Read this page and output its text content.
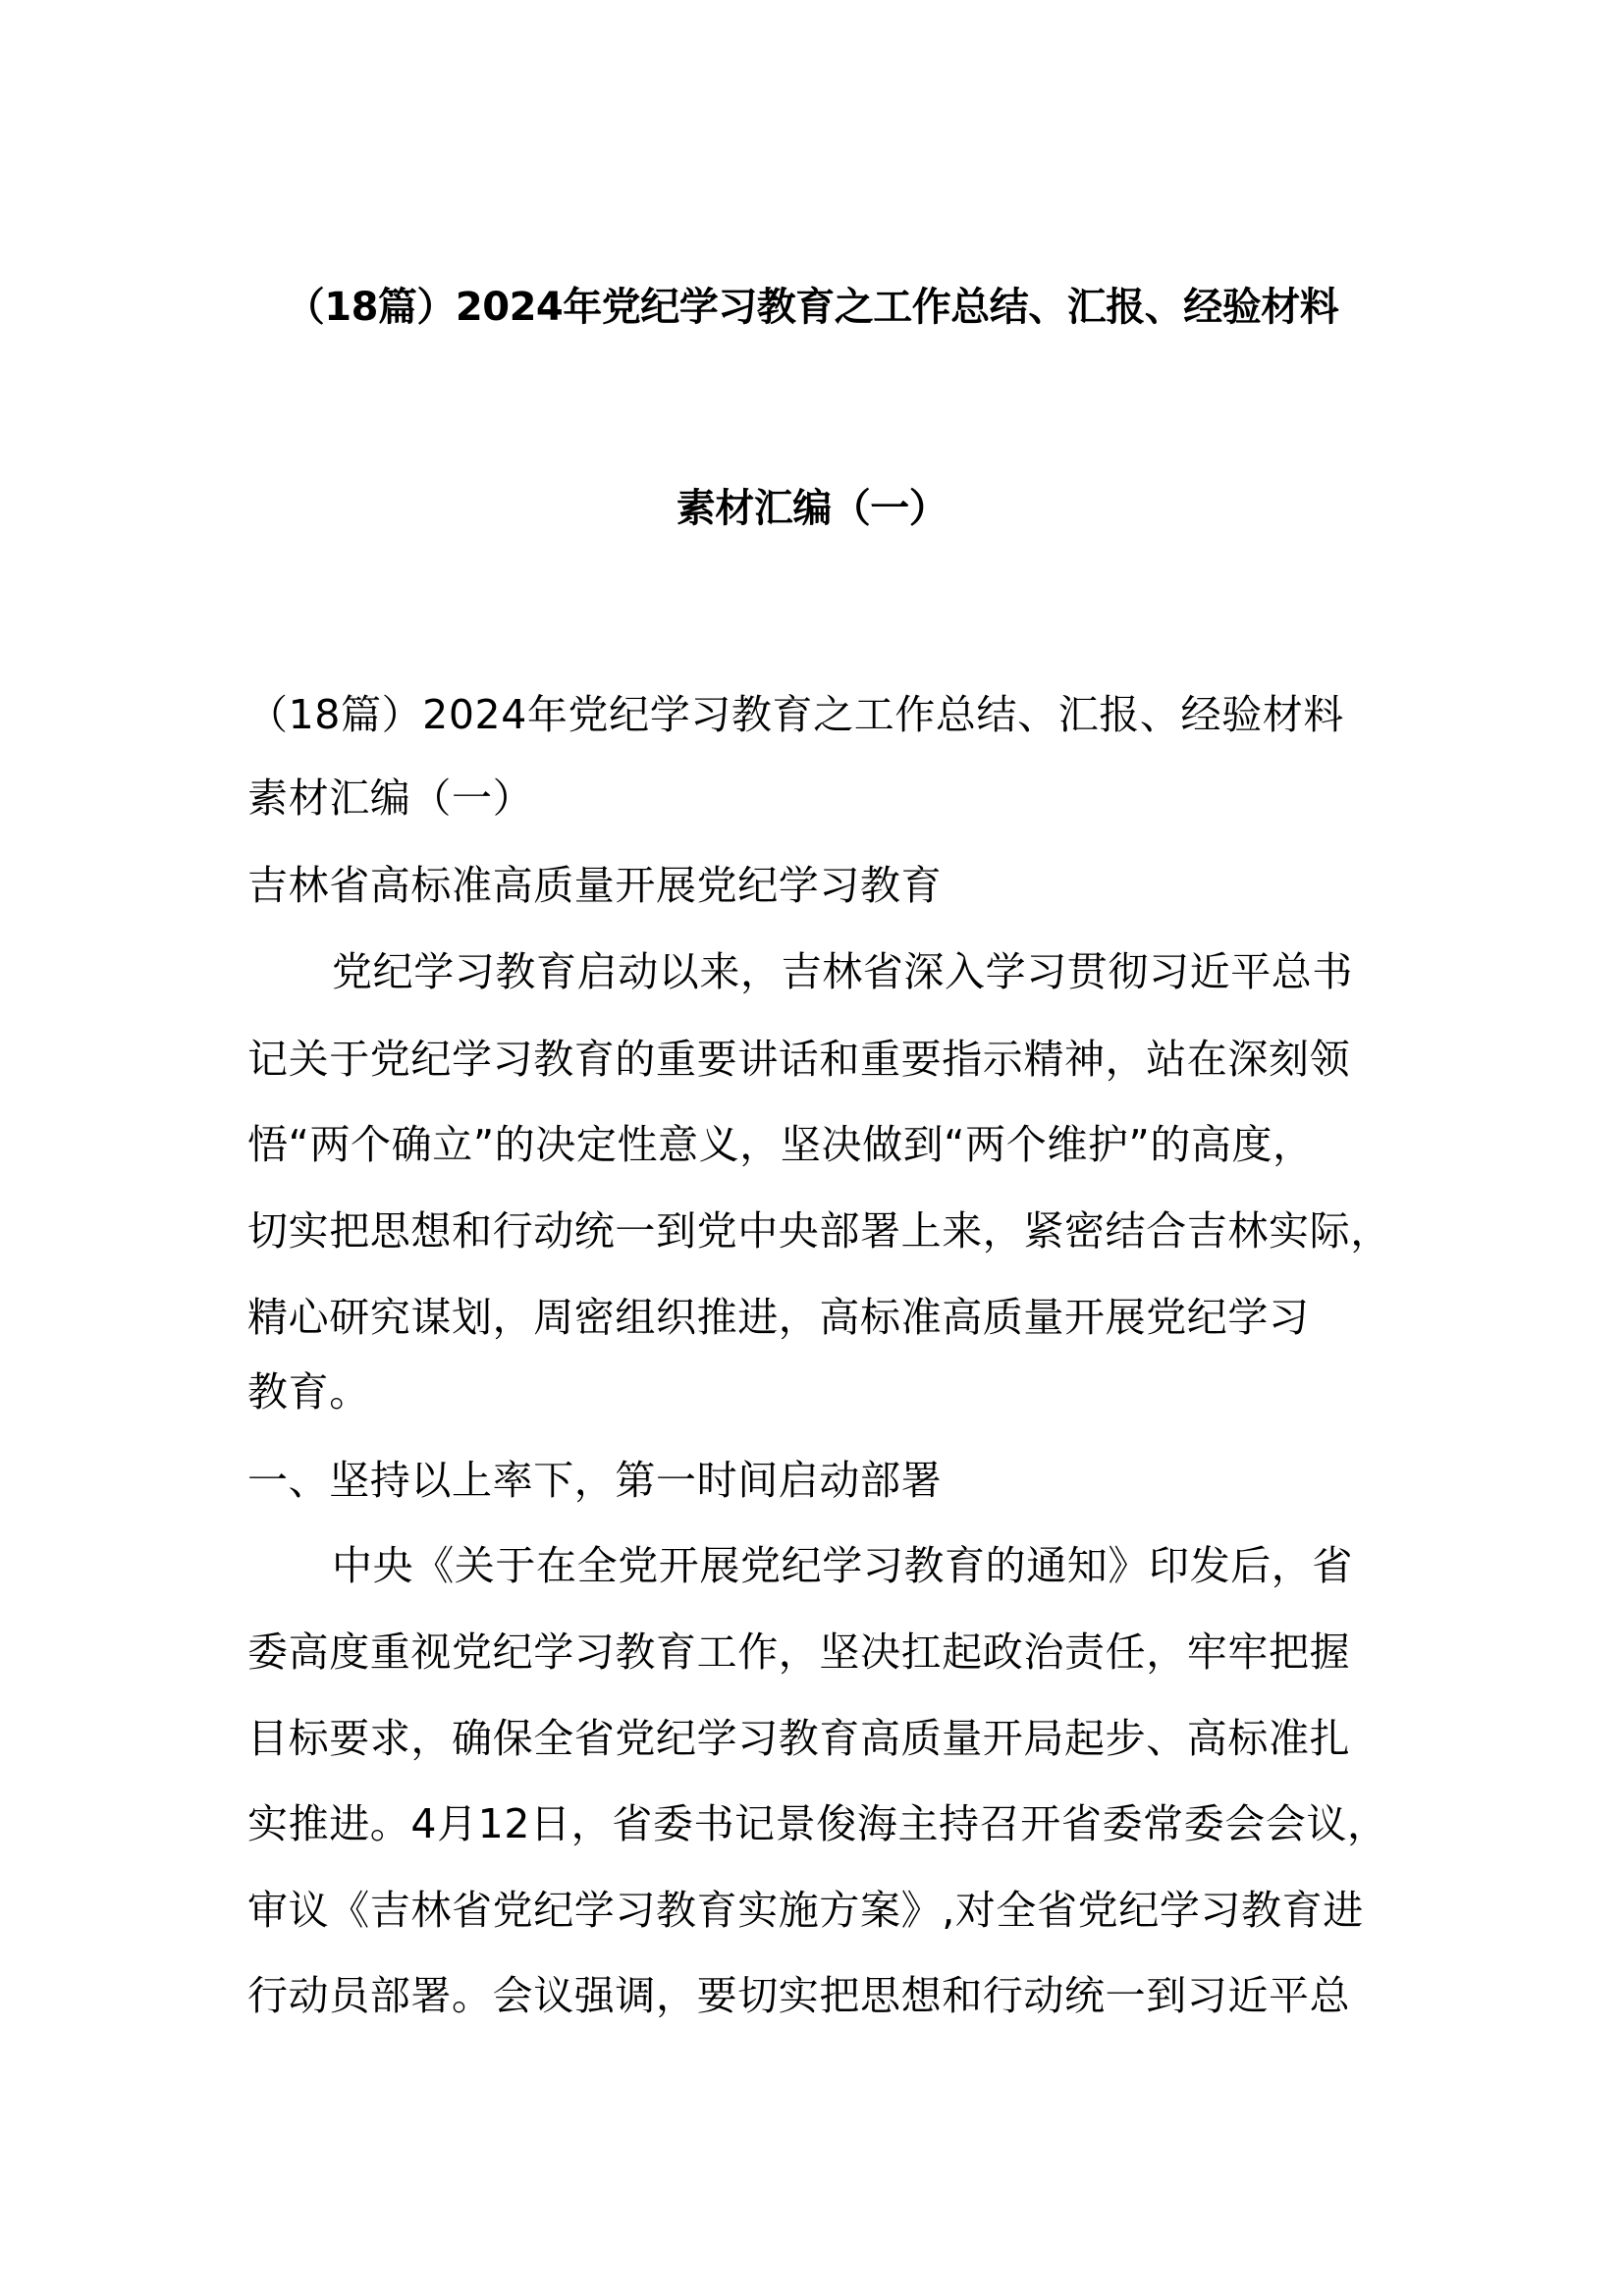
（18篇）2024年党纪学习教育之工作总结、汇报、经验材料
素材汇编（一）
（18篇）2024年党纪学习教育之工作总结、汇报、经验材料
素材汇编（一）
吉林省高标准高质量开展党纪学习教育
党纪学习教育启动以来，吉林省深入学习贯彻习近平总书
记关于党纪学习教育的重要讲话和重要指示精神，站在深刻领
悟“两个确立”的决定性意义，坚决做到“两个维护”的高度，
切实把思想和行动统一到党中央部署上来，紧密结合吉林实际，
精心研究谋划，周密组织推进，高标准高质量开展党纪学习
教育。
一、坚持以上率下，第一时间启动部署
中央《关于在全党开展党纪学习教育的通知》印发后，省
委高度重视党纪学习教育工作，坚决扛起政治责任，牢牢把握
目标要求，确保全省党纪学习教育高质量开局起步、高标准扎
实推进。4月12日，省委书记景俊海主持召开省委常委会会议，
审议《吉林省党纪学习教育实施方案》,对全省党纪学习教育进
行动员部署。会议强调，要切实把思想和行动统一到习近平总
